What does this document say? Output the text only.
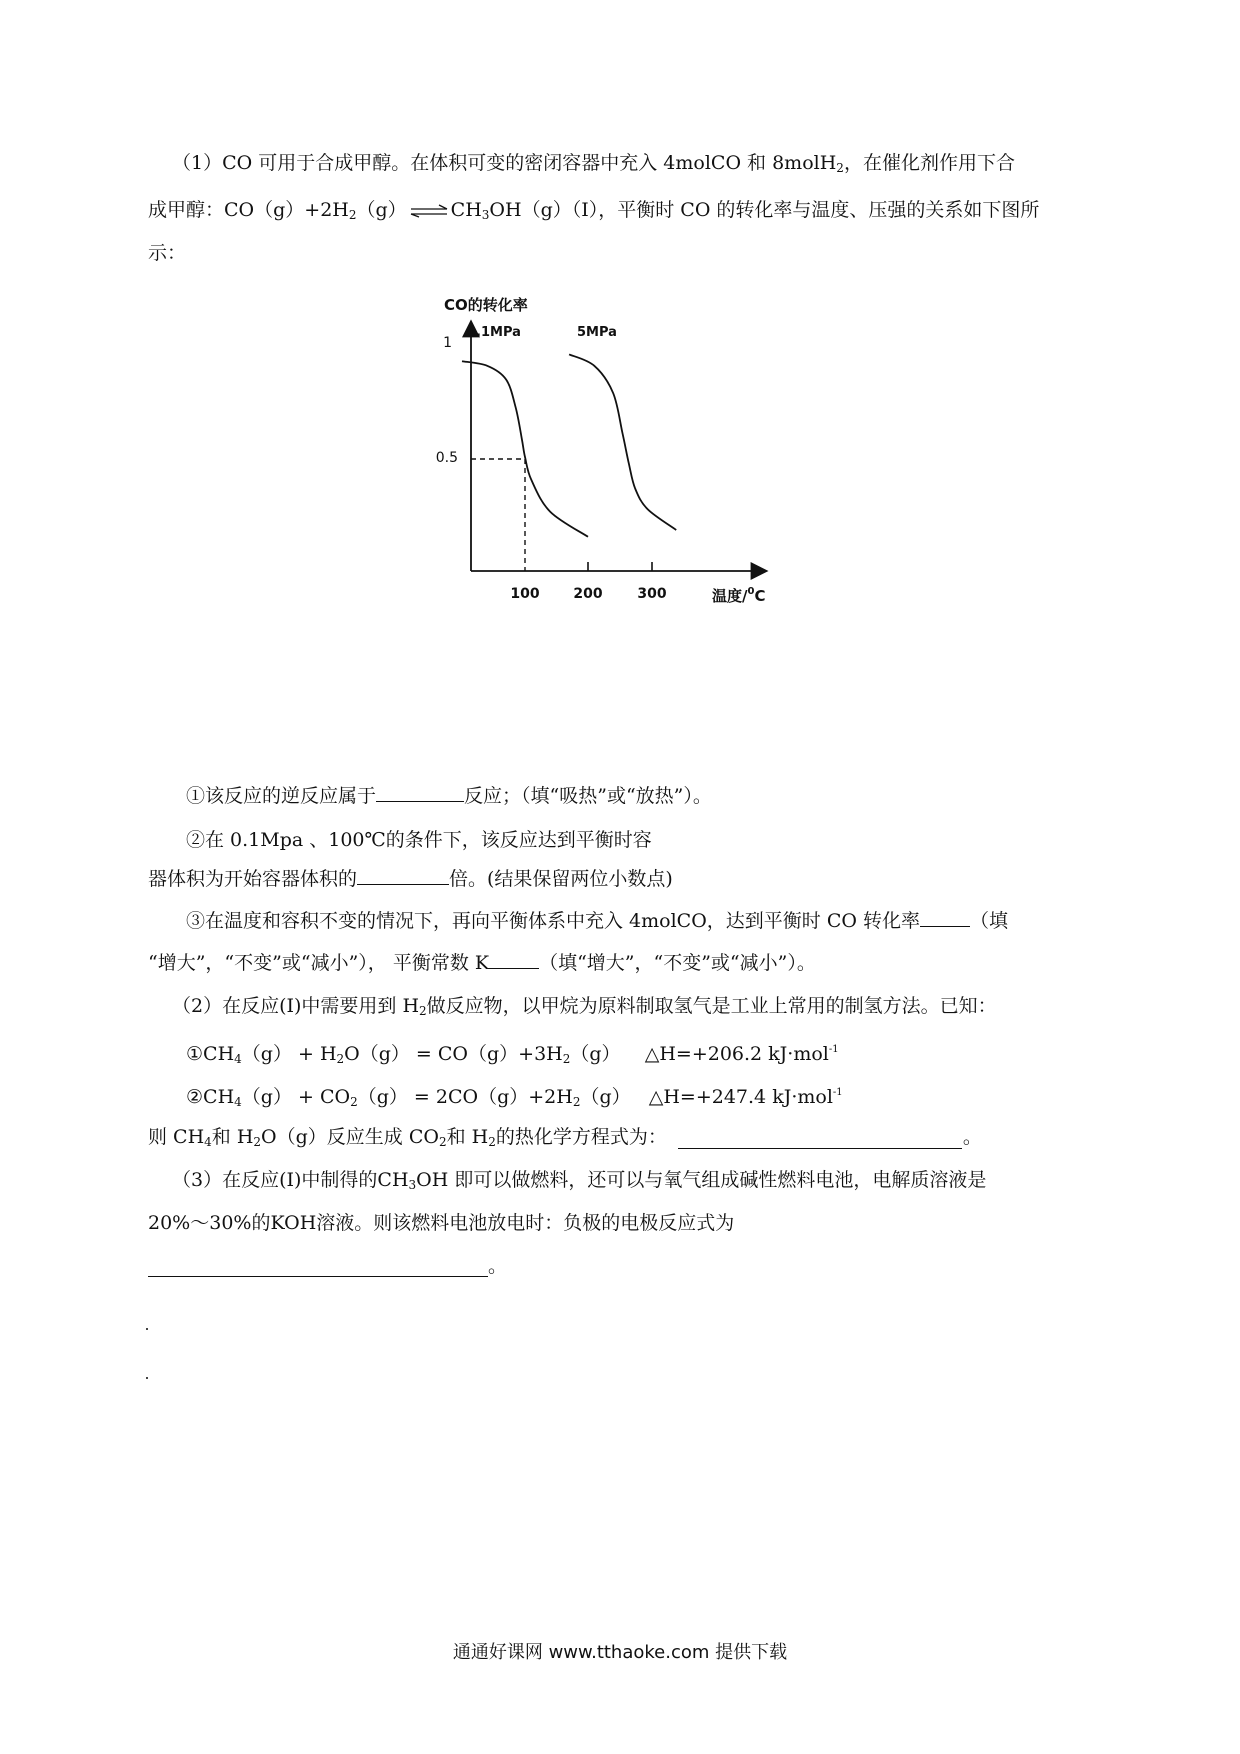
（1）CO 可用于合成甲醇。在体积可变的密闭容器中充入 4molCO 和 8molH$_2$，在催化剂作用下合
成甲醇：$CO(g)+2H_2(g)$ ⇌ $CH_3OH(g)(Ⅰ)$，平衡时 CO 的转化率与温度、压强的关系如下图所
示：
CO的转化率
1
0.5
100 200 300	温度/$^0$C
0.1MPa	5MPa
①该反应的逆反应属于	反应；（填“吸热”或“放热”）。
②在 0.1Mpa 、100℃的条件下，该反应达到平衡时容
器体积为开始容器体积的	倍。(结果保留两位小数点)
③在温度和容积不变的情况下，再向平衡体系中充入 4molCO，达到平衡时 CO 转化率	（填
“增大”，“不变”或“减小”）， 平衡常数 K	（填“增大”，“不变”或“减小”）。
（2）在反应(Ⅰ)中需要用到 $H_2$做反应物，以甲烷为原料制取氢气是工业上常用的制氢方法。已知：
$①CH_4(g) + H_2O(g) = CO(g)+3H_2(g)$    △H=+206.2 kJ·mol$^{-1}$
$②CH_4(g) + CO_2(g) = 2CO(g)+2H_2(g)$   △H=+247.4 kJ·mol$^{-1}$
则 $CH_4$和 $H_2O(g)$反应生成 $CO_2$和 $H_2$的热化学方程式为：	。
（3）在反应(Ⅰ)中制得的$CH_3OH$ 即可以做燃料，还可以与氧气组成碱性燃料电池，电解质溶液是
20%～30%的KOH溶液。则该燃料电池放电时：负极的电极反应式为
。
通通好课网 www.tthaoke.com 提供下载
